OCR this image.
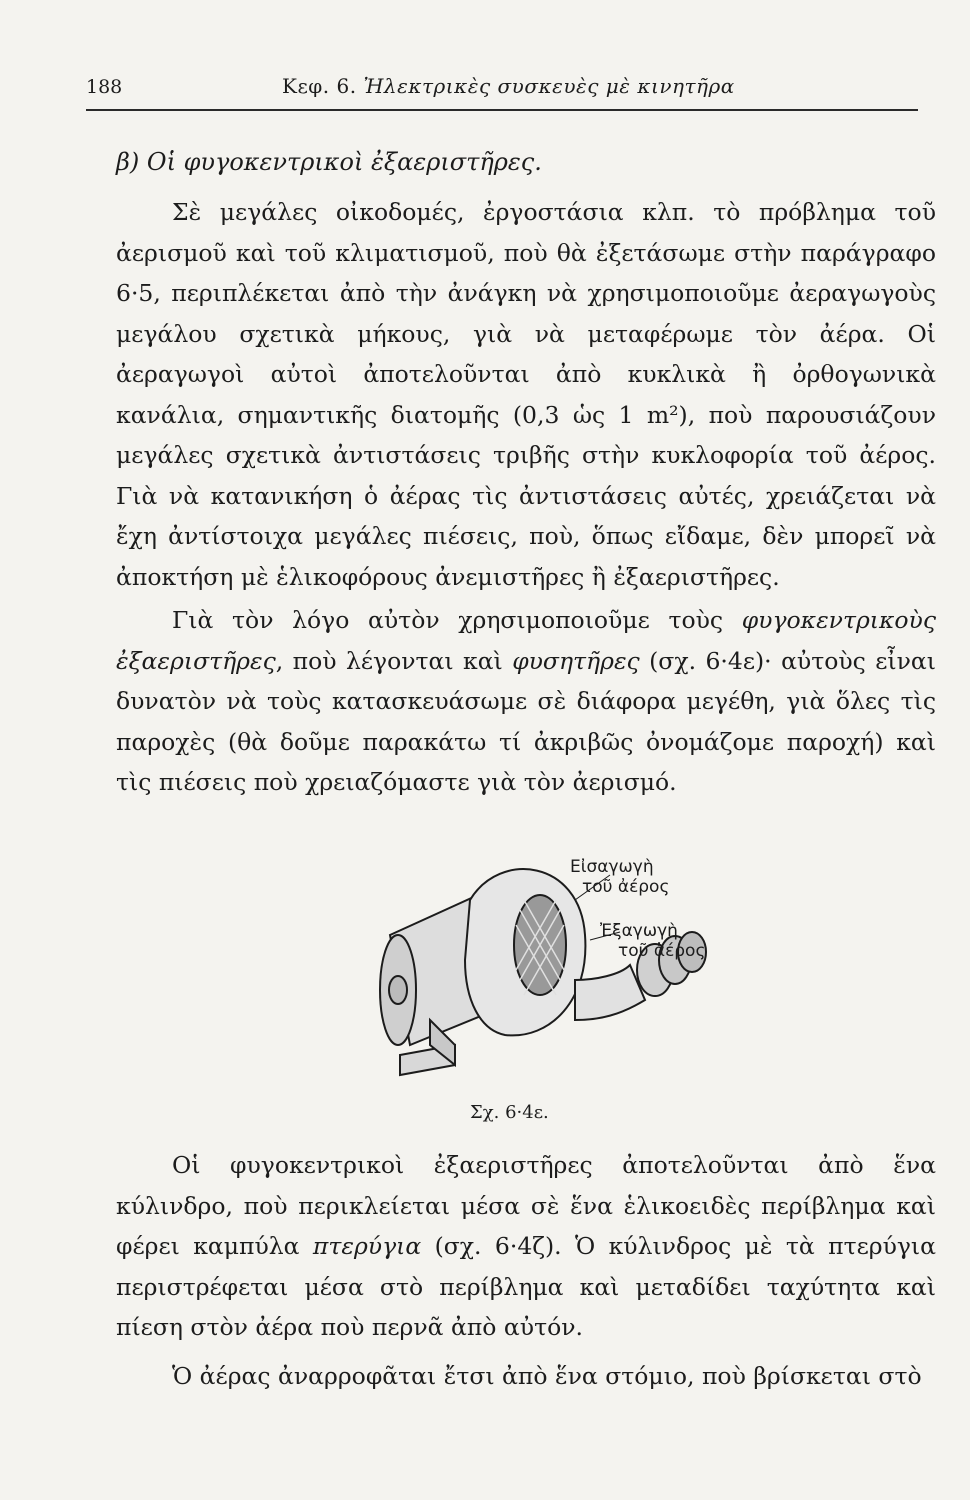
188	Κεφ. 6. Ἠλεκτρικὲς συσκευὲς μὲ κινητῆρα
β) Οἱ φυγοκεντρικοὶ ἐξαεριστῆρες.
Σὲ μεγάλες οἰκοδομές, ἐργοστάσια κλπ. τὸ πρόβλημα τοῦ ἀερισμοῦ καὶ τοῦ κλιματισμοῦ, ποὺ θὰ ἐξετάσωμε στὴν παράγραφο 6·5, περιπλέκεται ἀπὸ τὴν ἀνάγκη νὰ χρησιμοποιοῦμε ἀεραγωγοὺς μεγάλου σχετικὰ μήκους, γιὰ νὰ μεταφέρωμε τὸν ἀέρα. Οἱ ἀεραγωγοὶ αὐτοὶ ἀποτελοῦνται ἀπὸ κυκλικὰ ἢ ὀρθογωνικὰ κανάλια, σημαντικῆς διατομῆς (0,3 ὡς 1 m²), ποὺ παρουσιάζουν μεγάλες σχετικὰ ἀντιστάσεις τριβῆς στὴν κυκλοφορία τοῦ ἀέρος. Γιὰ νὰ κατανικήση ὁ ἀέρας τὶς ἀντιστάσεις αὐτές, χρειάζεται νὰ ἔχη ἀντίστοιχα μεγάλες πιέσεις, ποὺ, ὅπως εἴδαμε, δὲν μπορεῖ νὰ ἀποκτήση μὲ ἑλικοφόρους ἀνεμιστῆρες ἢ ἐξαεριστῆρες.
Γιὰ τὸν λόγο αὐτὸν χρησιμοποιοῦμε τοὺς φυγοκεντρικοὺς ἐξαεριστῆρες, ποὺ λέγονται καὶ φυσητῆρες (σχ. 6·4ε)· αὐτοὺς εἶναι δυνατὸν νὰ τοὺς κατασκευάσωμε σὲ διάφορα μεγέθη, γιὰ ὅλες τὶς παροχὲς (θὰ δοῦμε παρακάτω τί ἀκριβῶς ὀνομάζομε παροχή) καὶ τὶς πιέσεις ποὺ χρειαζόμαστε γιὰ τὸν ἀερισμό.
Εἰσαγωγὴ
τοῦ ἀέρος
Ἐξαγωγὴ
τοῦ ἀέρος
Σχ. 6·4ε.
Οἱ φυγοκεντρικοὶ ἐξαεριστῆρες ἀποτελοῦνται ἀπὸ ἕνα κύλινδρο, ποὺ περικλείεται μέσα σὲ ἕνα ἑλικοειδὲς περίβλημα καὶ φέρει καμπύλα πτερύγια (σχ. 6·4ζ). Ὁ κύλινδρος μὲ τὰ πτερύγια περιστρέφεται μέσα στὸ περίβλημα καὶ μεταδίδει ταχύτητα καὶ πίεση στὸν ἀέρα ποὺ περνᾶ ἀπὸ αὐτόν.
Ὁ ἀέρας ἀναρροφᾶται ἔτσι ἀπὸ ἕνα στόμιο, ποὺ βρίσκεται στὸ
